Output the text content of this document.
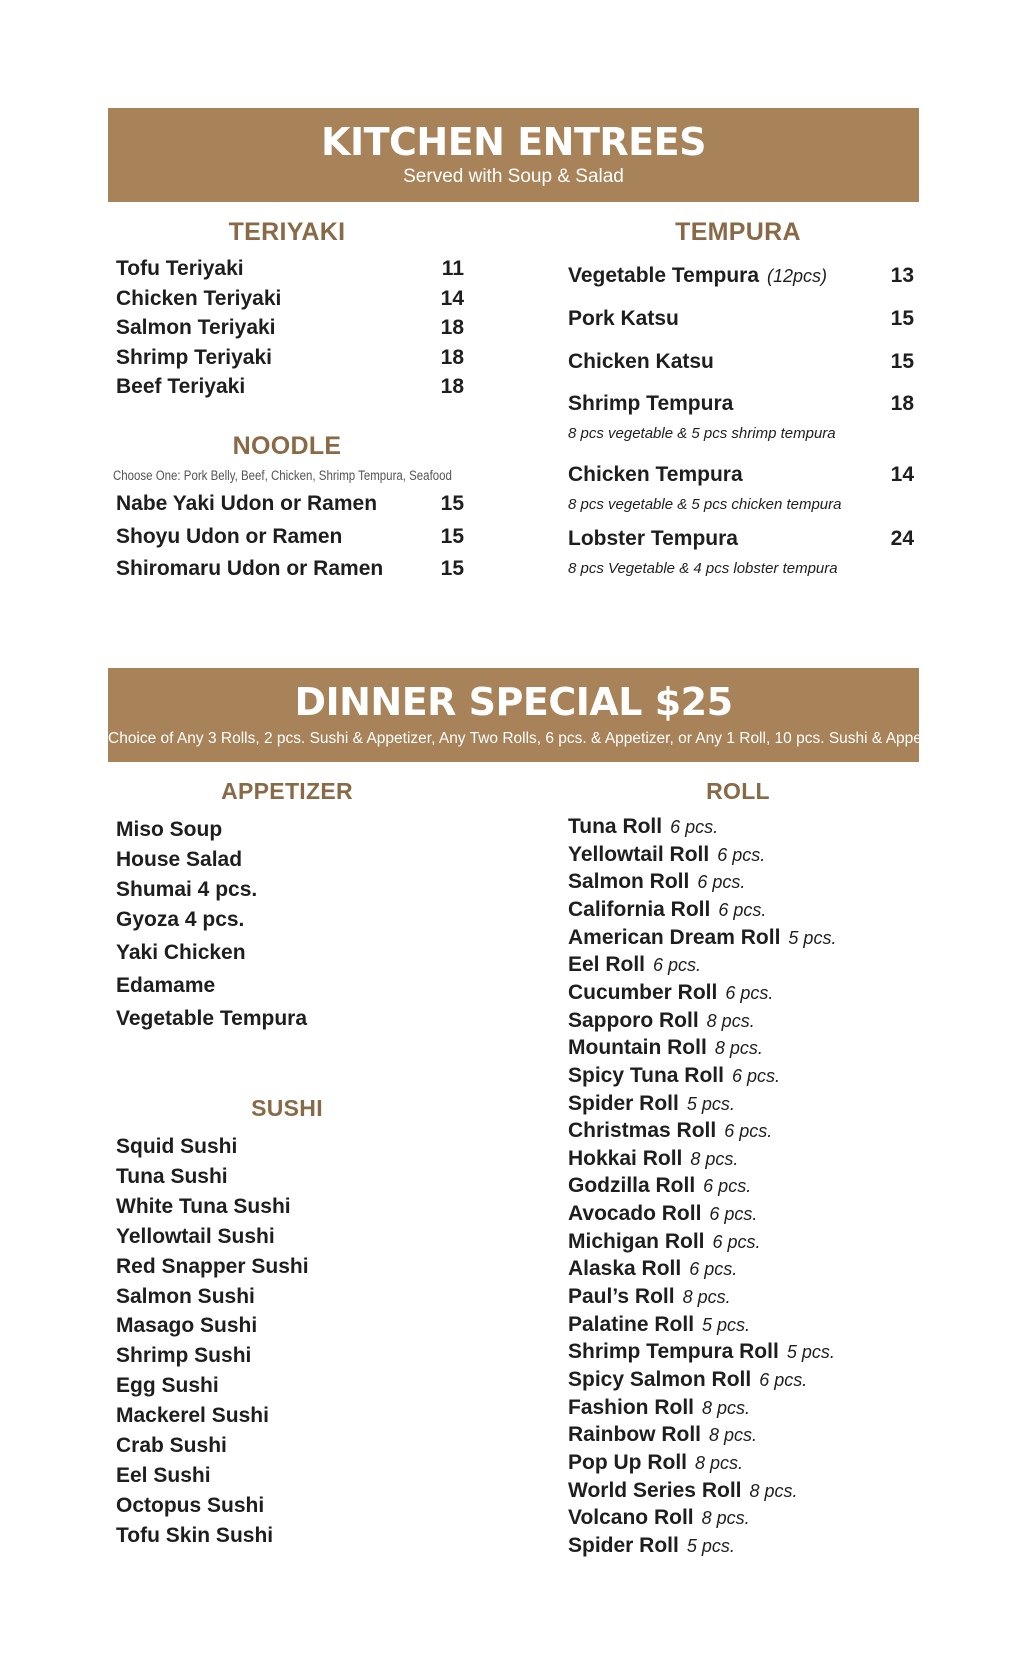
KITCHEN ENTREES
Served with Soup & Salad
TERIYAKI
Tofu Teriyaki	11
Chicken Teriyaki	14
Salmon Teriyaki	18
Shrimp Teriyaki	18
Beef Teriyaki	18
NOODLE
Choose One: Pork Belly, Beef, Chicken, Shrimp Tempura, Seafood
Nabe Yaki Udon or Ramen	15
Shoyu Udon or Ramen	15
Shiromaru Udon or Ramen	15
TEMPURA
Vegetable Tempura (12pcs)	13
Pork Katsu	15
Chicken Katsu	15
Shrimp Tempura	18
8 pcs vegetable & 5 pcs shrimp tempura
Chicken Tempura	14
8 pcs vegetable & 5 pcs chicken tempura
Lobster Tempura	24
8 pcs Vegetable & 4 pcs lobster tempura
DINNER SPECIAL $25
Choice of Any 3 Rolls, 2 pcs. Sushi & Appetizer, Any Two Rolls, 6 pcs. & Appetizer, or Any 1 Roll, 10 pcs. Sushi & Appetizer
APPETIZER
Miso Soup
House Salad
Shumai 4 pcs.
Gyoza 4 pcs.
Yaki Chicken
Edamame
Vegetable Tempura
SUSHI
Squid Sushi
Tuna Sushi
White Tuna Sushi
Yellowtail Sushi
Red Snapper Sushi
Salmon Sushi
Masago Sushi
Shrimp Sushi
Egg Sushi
Mackerel Sushi
Crab Sushi
Eel Sushi
Octopus Sushi
Tofu Skin Sushi
ROLL
Tuna Roll 6 pcs.
Yellowtail Roll 6 pcs.
Salmon Roll 6 pcs.
California Roll 6 pcs.
American Dream Roll 5 pcs.
Eel Roll 6 pcs.
Cucumber Roll 6 pcs.
Sapporo Roll 8 pcs.
Mountain Roll 8 pcs.
Spicy Tuna Roll 6 pcs.
Spider Roll 5 pcs.
Christmas Roll 6 pcs.
Hokkai Roll 8 pcs.
Godzilla Roll 6 pcs.
Avocado Roll 6 pcs.
Michigan Roll 6 pcs.
Alaska Roll 6 pcs.
Paul’s Roll 8 pcs.
Palatine Roll 5 pcs.
Shrimp Tempura Roll 5 pcs.
Spicy Salmon Roll 6 pcs.
Fashion Roll 8 pcs.
Rainbow Roll 8 pcs.
Pop Up Roll 8 pcs.
World Series Roll 8 pcs.
Volcano Roll 8 pcs.
Spider Roll 5 pcs.
